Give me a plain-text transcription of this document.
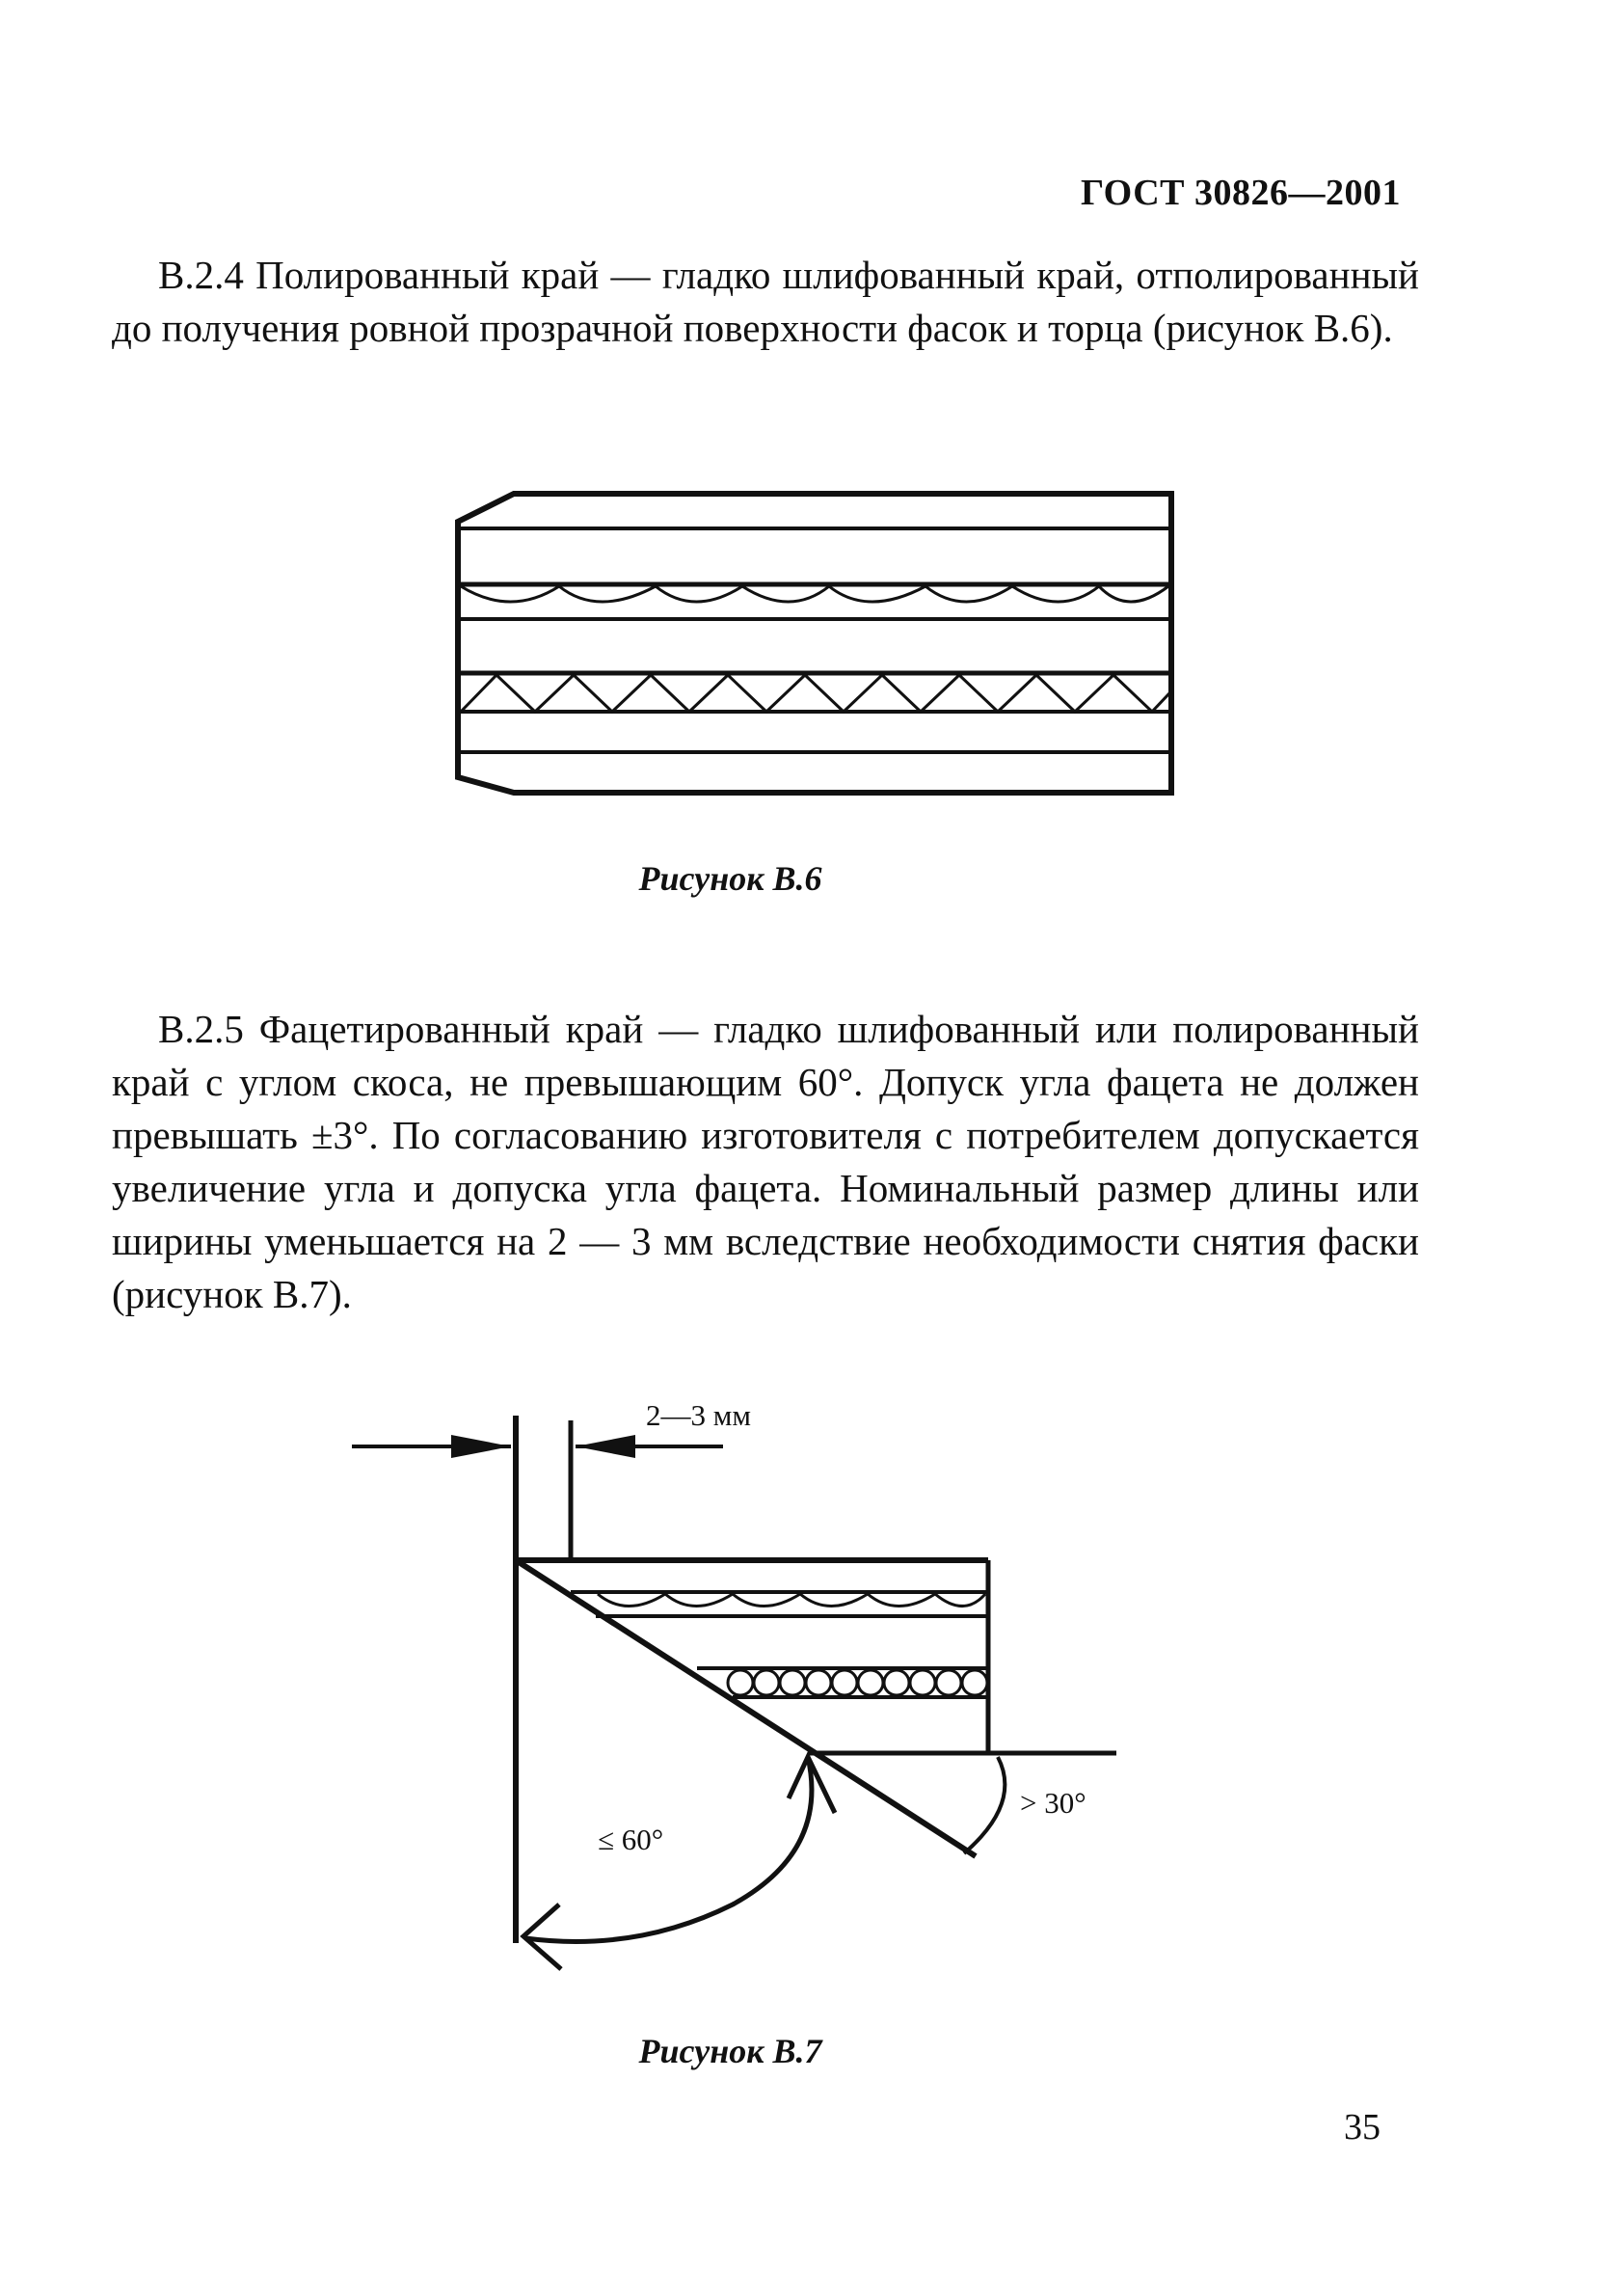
ГОСТ 30826—2001

В.2.4 Полированный край — гладко шлифованный край, отполированный до получения ровной прозрачной поверхности фасок и торца (рисунок В.6).

Рисунок В.6

В.2.5 Фацетированный край — гладко шлифованный или полированный край с углом скоса, не превышающим 60°. Допуск угла фацета не должен превышать ±3°. По согласованию изготовителя с потребителем допускается увеличение угла и допуска угла фацета. Номинальный размер длины или ширины уменьшается на 2 — 3 мм вследствие необходимости снятия фаски (рисунок В.7).

2—3 мм
≤ 60°
> 30°
Рисунок В.7
35
